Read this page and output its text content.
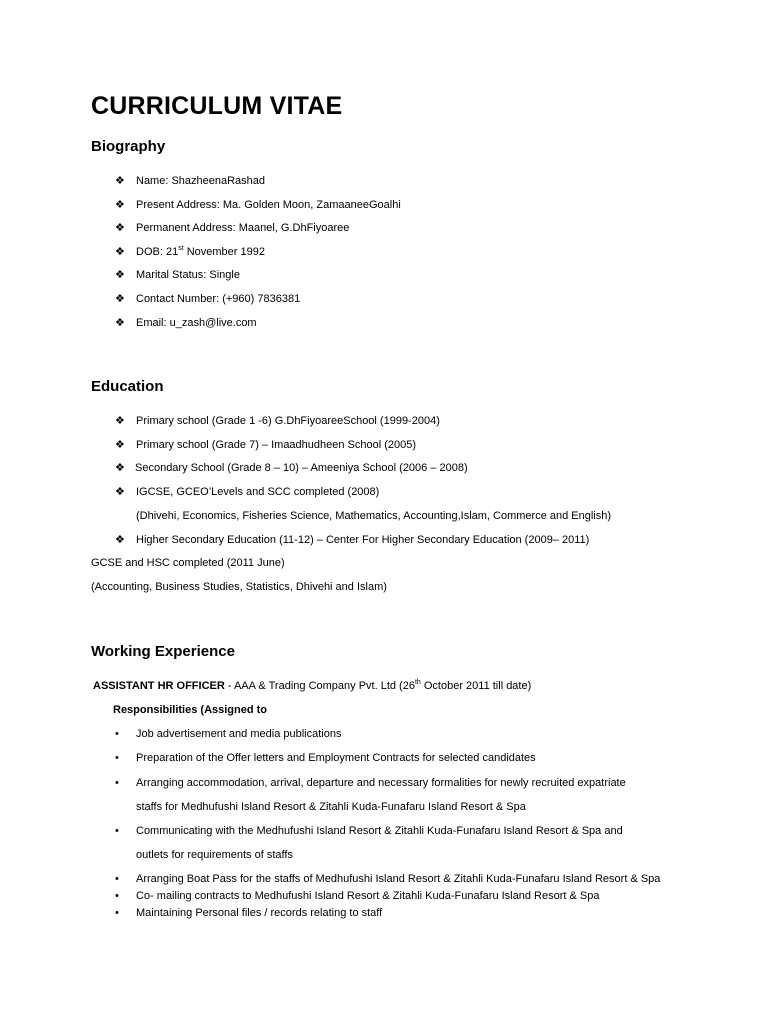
CURRICULUM VITAE
Biography
❖ Name: ShazheenaRashad
❖ Present Address: Ma. Golden Moon, ZamaaneeGoalhi
❖ Permanent Address: Maanel, G.DhFiyoaree
❖ DOB: 21st November 1992
❖ Marital Status: Single
❖ Contact Number: (+960) 7836381
❖ Email: u_zash@live.com
Education
❖ Primary school (Grade 1 -6) G.DhFiyoareeSchool (1999-2004)
❖ Primary school (Grade 7) – Imaadhudheen School (2005)
❖ Secondary School (Grade 8 – 10) – Ameeniya School (2006 – 2008)
❖ IGCSE, GCEO’Levels and SCC completed (2008)
(Dhivehi, Economics, Fisheries Science, Mathematics, Accounting,Islam, Commerce and English)
❖ Higher Secondary Education (11-12) – Center For Higher Secondary Education (2009– 2011)
GCSE and HSC completed (2011 June)
(Accounting, Business Studies, Statistics, Dhivehi and Islam)
Working Experience
ASSISTANT HR OFFICER - AAA & Trading Company Pvt. Ltd (26th October 2011 till date)
Responsibilities (Assigned to
• Job advertisement and media publications
• Preparation of the Offer letters and Employment Contracts for selected candidates
• Arranging accommodation, arrival, departure and necessary formalities for newly recruited expatriate
staffs for Medhufushi Island Resort & Zitahli Kuda-Funafaru Island Resort & Spa
• Communicating with the Medhufushi Island Resort & Zitahli Kuda-Funafaru Island Resort & Spa and
outlets for requirements of staffs
• Arranging Boat Pass for the staffs of Medhufushi Island Resort & Zitahli Kuda-Funafaru Island Resort & Spa
• Co- mailing contracts to Medhufushi Island Resort & Zitahli Kuda-Funafaru Island Resort & Spa
• Maintaining Personal files / records relating to staff
